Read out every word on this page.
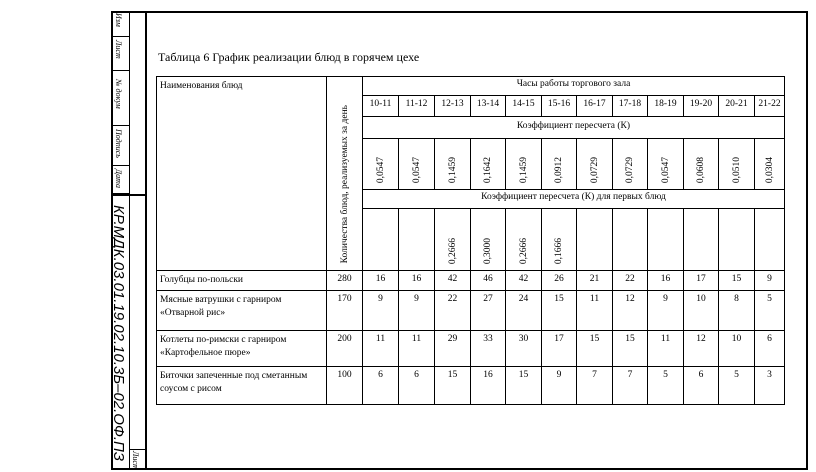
Изм
Лист
№ докум
Подпись
Дата
Лист
КР.МДК.03.01.19.02.10.3Б–02.ОФ.ПЗ
Таблица 6 График реализации блюд в горячем цехе
Наименования блюд	Количества блюд, реализуемых за день	Часы работы торгового зала											
		10-11	11-12	12-13	13-14	14-15	15-16	16-17	17-18	18-19	19-20	20-21	21-22
		Коэффициент пересчета (К)											
		0,0547	0,0547	0,1459	0,1642	0,1459	0,0912	0,0729	0,0729	0,0547	0,0608	0,0510	0,0304
		Коэффициент пересчета (К) для первых блюд											
				0,2666	0,3000	0,2666	0,1666						
Голубцы по-польски	280	16	16	42	46	42	26	21	22	16	17	15	9
Мясные ватрушки с гарниром «Отварной рис»	170	9	9	22	27	24	15	11	12	9	10	8	5
Котлеты по-римски с гарниром «Картофельное пюре»	200	11	11	29	33	30	17	15	15	11	12	10	6
Биточки запеченные под сметанным соусом с рисом	100	6	6	15	16	15	9	7	7	5	6	5	3
